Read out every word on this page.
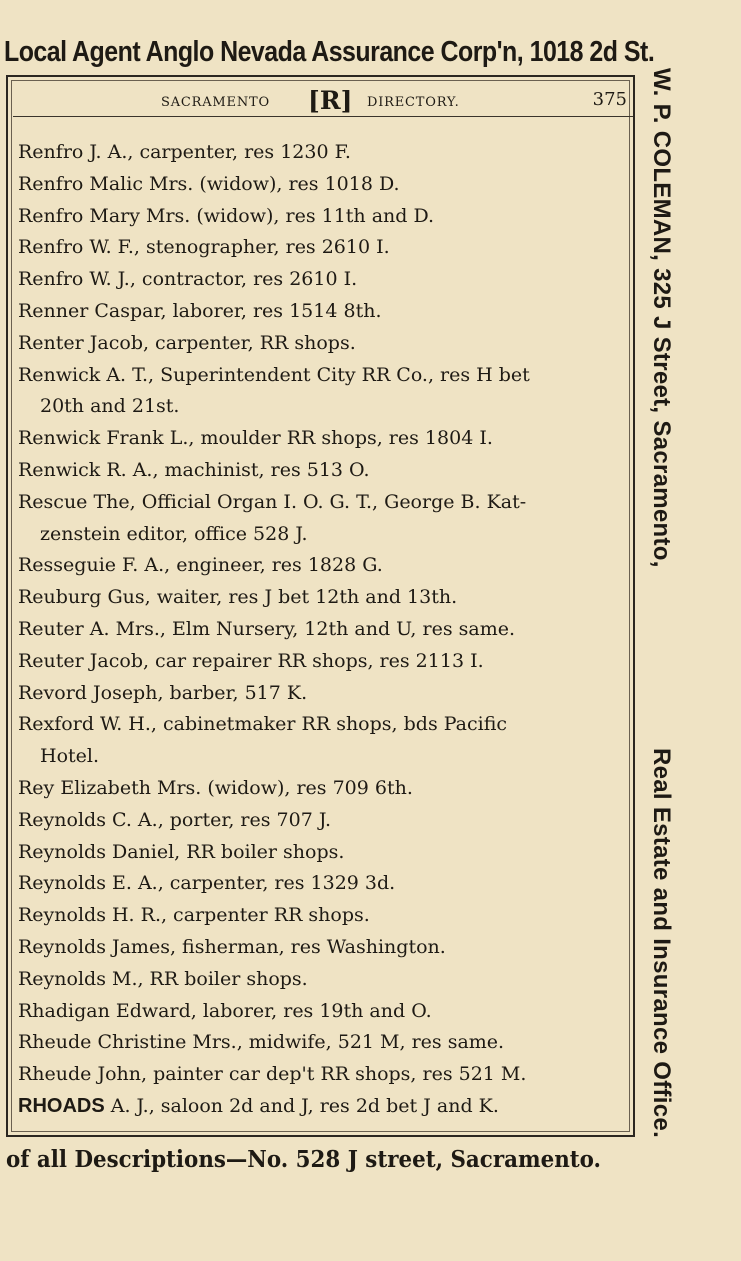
Local Agent Anglo Nevada Assurance Corp'n, 1018 2d St.
SACRAMENTO [R] DIRECTORY.	375
Renfro J. A., carpenter, res 1230 F.
Renfro Malic Mrs. (widow), res 1018 D.
Renfro Mary Mrs. (widow), res 11th and D.
Renfro W. F., stenographer, res 2610 I.
Renfro W. J., contractor, res 2610 I.
Renner Caspar, laborer, res 1514 8th.
Renter Jacob, carpenter, RR shops.
Renwick A. T., Superintendent City RR Co., res H bet
20th and 21st.
Renwick Frank L., moulder RR shops, res 1804 I.
Renwick R. A., machinist, res 513 O.
Rescue The, Official Organ I. O. G. T., George B. Kat-
zenstein editor, office 528 J.
Resseguie F. A., engineer, res 1828 G.
Reuburg Gus, waiter, res J bet 12th and 13th.
Reuter A. Mrs., Elm Nursery, 12th and U, res same.
Reuter Jacob, car repairer RR shops, res 2113 I.
Revord Joseph, barber, 517 K.
Rexford W. H., cabinetmaker RR shops, bds Pacific
Hotel.
Rey Elizabeth Mrs. (widow), res 709 6th.
Reynolds C. A., porter, res 707 J.
Reynolds Daniel, RR boiler shops.
Reynolds E. A., carpenter, res 1329 3d.
Reynolds H. R., carpenter RR shops.
Reynolds James, fisherman, res Washington.
Reynolds M., RR boiler shops.
Rhadigan Edward, laborer, res 19th and O.
Rheude Christine Mrs., midwife, 521 M, res same.
Rheude John, painter car dep't RR shops, res 521 M.
RHOADS
A. J., saloon 2d and J, res 2d bet J and K.
W. P. COLEMAN, 325 J Street, Sacramento,
Real Estate and Insurance Office.
of all Descriptions—No. 528 J street, Sacramento.
